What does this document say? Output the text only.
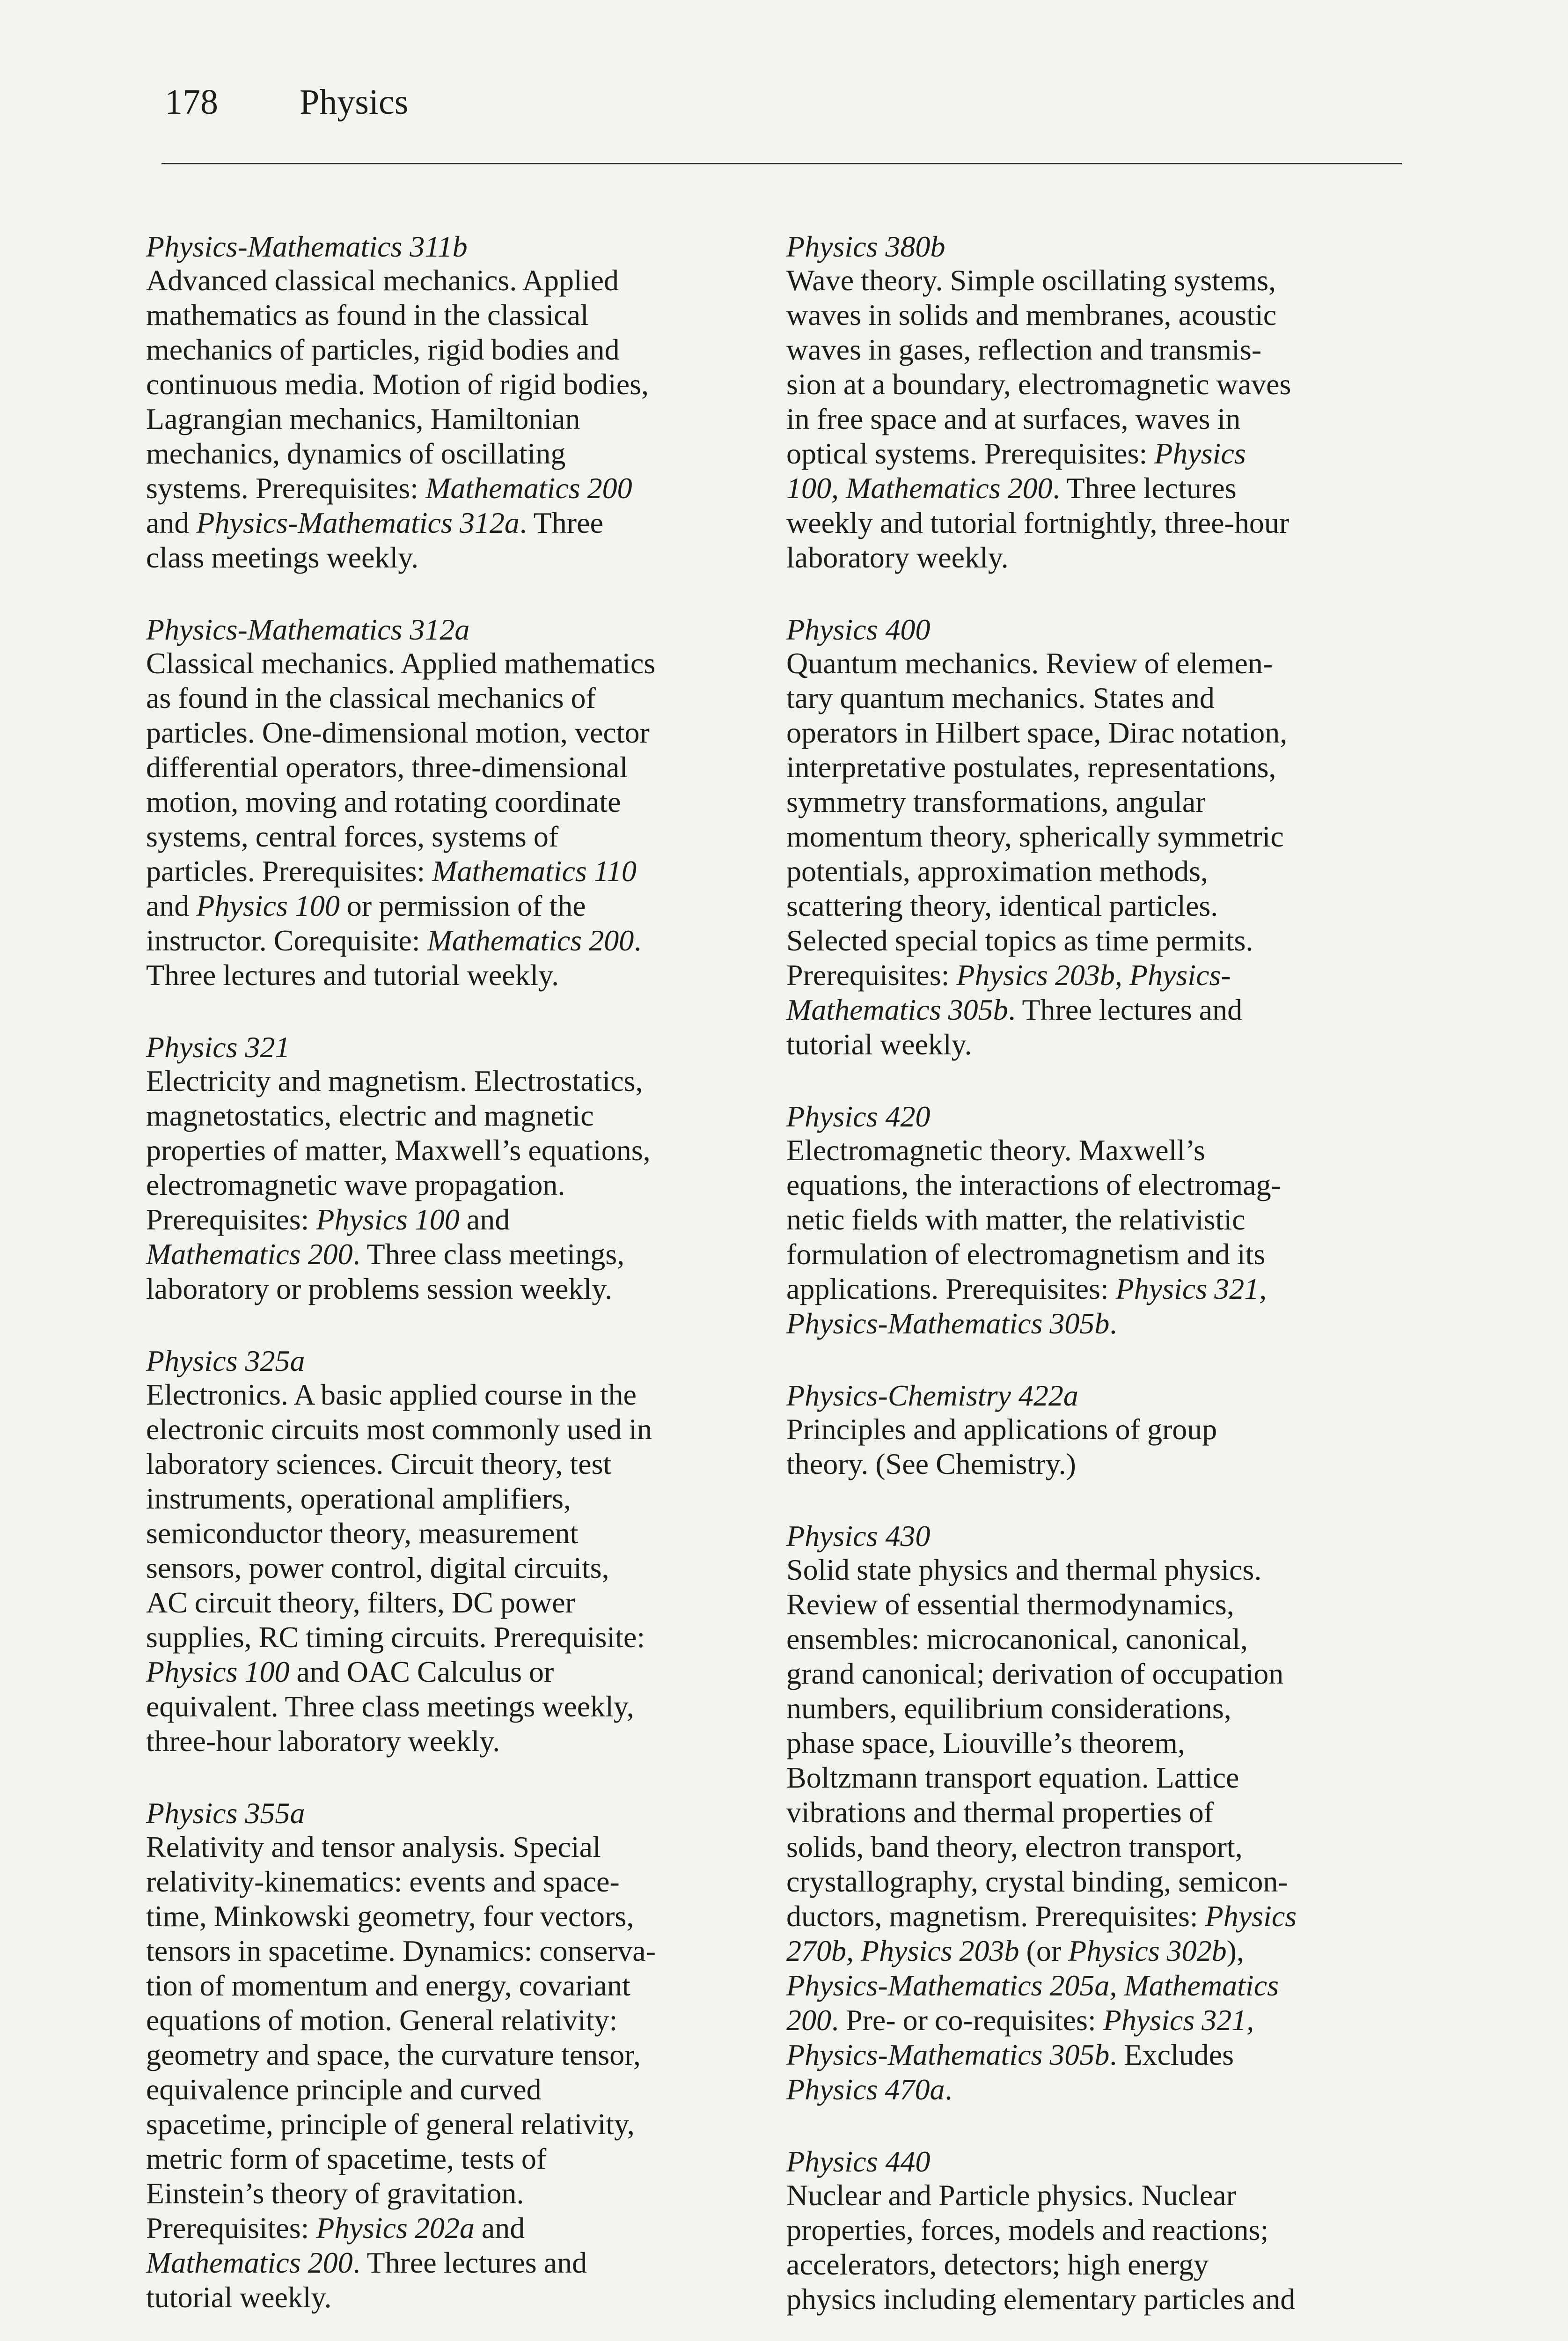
178 Physics
Physics-Mathematics 311b
Advanced classical mechanics. Applied
mathematics as found in the classical
mechanics of particles, rigid bodies and
continuous media. Motion of rigid bodies,
Lagrangian mechanics, Hamiltonian
mechanics, dynamics of oscillating
systems. Prerequisites: Mathematics 200
and Physics-Mathematics 312a. Three
class meetings weekly.
Physics-Mathematics 312a
Classical mechanics. Applied mathematics
as found in the classical mechanics of
particles. One-dimensional motion, vector
differential operators, three-dimensional
motion, moving and rotating coordinate
systems, central forces, systems of
particles. Prerequisites: Mathematics 110
and Physics 100 or permission of the
instructor. Corequisite: Mathematics 200.
Three lectures and tutorial weekly.
Physics 321
Electricity and magnetism. Electrostatics,
magnetostatics, electric and magnetic
properties of matter, Maxwell’s equations,
electromagnetic wave propagation.
Prerequisites: Physics 100 and
Mathematics 200. Three class meetings,
laboratory or problems session weekly.
Physics 325a
Electronics. A basic applied course in the
electronic circuits most commonly used in
laboratory sciences. Circuit theory, test
instruments, operational amplifiers,
semiconductor theory, measurement
sensors, power control, digital circuits,
AC circuit theory, filters, DC power
supplies, RC timing circuits. Prerequisite:
Physics 100 and OAC Calculus or
equivalent. Three class meetings weekly,
three-hour laboratory weekly.
Physics 355a
Relativity and tensor analysis. Special
relativity-kinematics: events and space-
time, Minkowski geometry, four vectors,
tensors in spacetime. Dynamics: conserva-
tion of momentum and energy, covariant
equations of motion. General relativity:
geometry and space, the curvature tensor,
equivalence principle and curved
spacetime, principle of general relativity,
metric form of spacetime, tests of
Einstein’s theory of gravitation.
Prerequisites: Physics 202a and
Mathematics 200. Three lectures and
tutorial weekly.
Physics 380b
Wave theory. Simple oscillating systems,
waves in solids and membranes, acoustic
waves in gases, reflection and transmis-
sion at a boundary, electromagnetic waves
in free space and at surfaces, waves in
optical systems. Prerequisites: Physics
100, Mathematics 200. Three lectures
weekly and tutorial fortnightly, three-hour
laboratory weekly.
Physics 400
Quantum mechanics. Review of elemen-
tary quantum mechanics. States and
operators in Hilbert space, Dirac notation,
interpretative postulates, representations,
symmetry transformations, angular
momentum theory, spherically symmetric
potentials, approximation methods,
scattering theory, identical particles.
Selected special topics as time permits.
Prerequisites: Physics 203b, Physics-
Mathematics 305b. Three lectures and
tutorial weekly.
Physics 420
Electromagnetic theory. Maxwell’s
equations, the interactions of electromag-
netic fields with matter, the relativistic
formulation of electromagnetism and its
applications. Prerequisites: Physics 321,
Physics-Mathematics 305b.
Physics-Chemistry 422a
Principles and applications of group
theory. (See Chemistry.)
Physics 430
Solid state physics and thermal physics.
Review of essential thermodynamics,
ensembles: microcanonical, canonical,
grand canonical; derivation of occupation
numbers, equilibrium considerations,
phase space, Liouville’s theorem,
Boltzmann transport equation. Lattice
vibrations and thermal properties of
solids, band theory, electron transport,
crystallography, crystal binding, semicon-
ductors, magnetism. Prerequisites: Physics
270b, Physics 203b (or Physics 302b),
Physics-Mathematics 205a, Mathematics
200. Pre- or co-requisites: Physics 321,
Physics-Mathematics 305b. Excludes
Physics 470a.
Physics 440
Nuclear and Particle physics. Nuclear
properties, forces, models and reactions;
accelerators, detectors; high energy
physics including elementary particles and
